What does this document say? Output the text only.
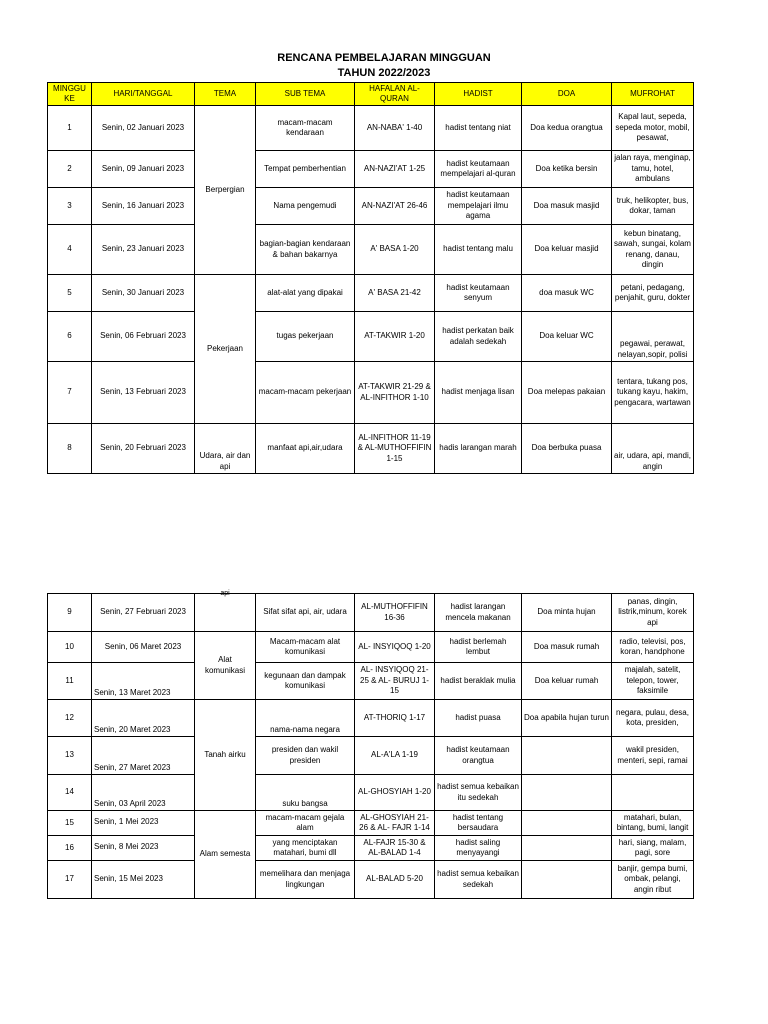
RENCANA PEMBELAJARAN MINGGUAN
TAHUN 2022/2023
MINGGU KE	HARI/TANGGAL	TEMA	SUB TEMA	HAFALAN AL-QURAN	HADIST	DOA	MUFROHAT
1	Senin, 02 Januari 2023	Berpergian	macam-macam kendaraan	AN-NABA' 1-40	hadist tentang niat	Doa kedua orangtua	Kapal laut, sepeda, sepeda motor, mobil, pesawat,
2	Senin, 09 Januari 2023		Tempat pemberhentian	AN-NAZI'AT 1-25	hadist keutamaan mempelajari al-quran	Doa ketika bersin	jalan raya, menginap, tamu, hotel, ambulans
3	Senin, 16 Januari 2023		Nama pengemudi	AN-NAZI'AT 26-46	hadist keutamaan mempelajari ilmu agama	Doa masuk masjid	truk, helikopter, bus, dokar, taman
4	Senin, 23 Januari 2023		bagian-bagian kendaraan & bahan bakarnya	A' BASA 1-20	hadist tentang malu	Doa keluar masjid	kebun binatang, sawah, sungai, kolam renang, danau, dingin
5	Senin, 30 Januari 2023	Pekerjaan	alat-alat yang dipakai	A' BASA 21-42	hadist keutamaan senyum	doa masuk WC	petani, pedagang, penjahit, guru, dokter
6	Senin, 06 Februari 2023		tugas pekerjaan	AT-TAKWIR 1-20	hadist perkatan baik adalah sedekah	Doa keluar WC	pegawai, perawat, nelayan,sopir, polisi
7	Senin, 13 Februari 2023		macam-macam pekerjaan	AT-TAKWIR 21-29 & AL-INFITHOR 1-10	hadist menjaga lisan	Doa melepas pakaian	tentara, tukang pos, tukang kayu, hakim, pengacara, wartawan
8	Senin, 20 Februari 2023	Udara, air dan api	manfaat api,air,udara	AL-INFITHOR 11-19 & AL-MUTHOFFIFIN 1-15	hadis larangan marah	Doa berbuka puasa	air, udara, api, mandi, angin
api
9	Senin, 27 Februari 2023		Sifat sifat api, air, udara	AL-MUTHOFFIFIN 16-36	hadist larangan mencela makanan	Doa minta hujan	panas, dingin, listrik,minum, korek api
10	Senin, 06 Maret 2023	Alat komunikasi	Macam-macam alat komunikasi	AL- INSYIQOQ 1-20	hadist berlemah lembut	Doa masuk rumah	radio, televisi, pos, koran, handphone
11	Senin, 13 Maret 2023		kegunaan dan dampak komunikasi	AL- INSYIQOQ 21-25 & AL- BURUJ 1-15	hadist beraklak mulia	Doa keluar rumah	majalah, satelit, telepon, tower, faksimile
12	Senin, 20 Maret 2023	Tanah airku	nama-nama negara	AT-THORIQ 1-17	hadist puasa	Doa apabila hujan turun	negara, pulau, desa, kota, presiden,
13	Senin, 27 Maret 2023		presiden dan wakil presiden	AL-A'LA 1-19	hadist keutamaan orangtua		wakil presiden, menteri, sepi, ramai
14	Senin, 03 April 2023		suku bangsa	AL-GHOSYIAH 1-20	hadist semua kebaikan itu sedekah		
15	Senin, 1 Mei 2023	Alam semesta	macam-macam gejala alam	AL-GHOSYIAH 21-26 & AL- FAJR 1-14	hadist tentang bersaudara		matahari, bulan, bintang, bumi, langit
16	Senin, 8 Mei 2023		yang menciptakan matahari, bumi dll	AL-FAJR 15-30 & AL-BALAD 1-4	hadist saling menyayangi		hari, siang, malam, pagi, sore
17	Senin, 15 Mei 2023		memelihara dan menjaga lingkungan	AL-BALAD 5-20	hadist semua kebaikan sedekah		banjir, gempa bumi, ombak, pelangi, angin ribut
